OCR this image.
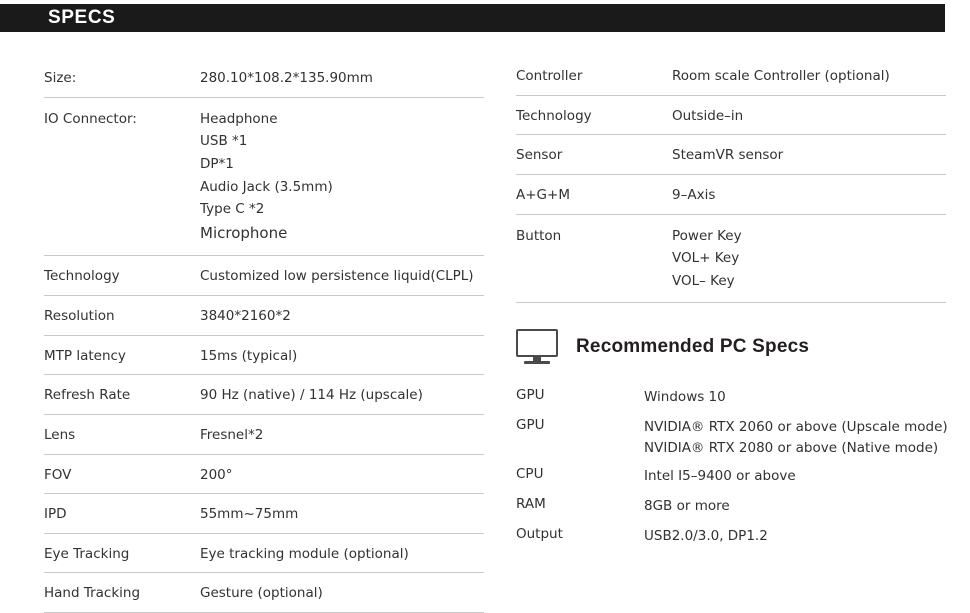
SPECS
Size:	280.10*108.2*135.90mm
IO Connector:	Headphone
USB *1
DP*1
Audio Jack (3.5mm)
Type C *2
Microphone
Technology	Customized low persistence liquid(CLPL)
Resolution	3840*2160*2
MTP latency	15ms (typical)
Refresh Rate	90 Hz (native) / 114 Hz (upscale)
Lens	Fresnel*2
FOV	200°
IPD	55mm~75mm
Eye Tracking	Eye tracking module (optional)
Hand Tracking	Gesture (optional)
Controller	Room scale Controller (optional)
Technology	Outside–in
Sensor	SteamVR sensor
A+G+M	9–Axis
Button	Power Key
VOL+ Key
VOL– Key
Recommended PC Specs
GPU	Windows 10
GPU	NVIDIA® RTX 2060 or above (Upscale mode)
NVIDIA® RTX 2080 or above (Native mode)
CPU	Intel I5–9400 or above
RAM	8GB or more
Output	USB2.0/3.0, DP1.2
